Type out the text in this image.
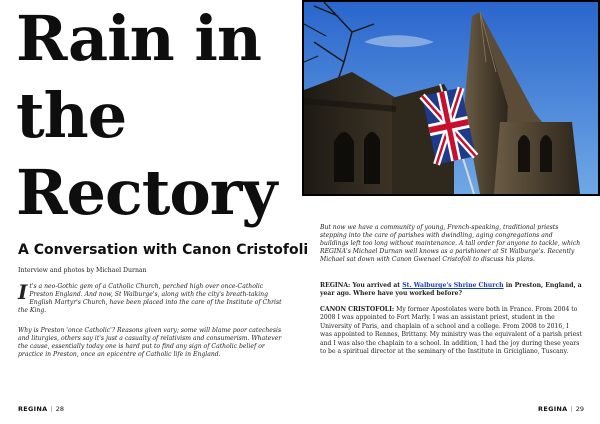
Rain in the Rectory
A Conversation with Canon Cristofoli

Interview and photos by Michael Durnan

It's a neo-Gothic gem of a Catholic Church, perched high over once-Catholic Preston England. And now, St Walburge's, along with the city's breath-taking English Martyr's Church, have been placed into the care of the Institute of Christ the King.

Why is Preston 'once Catholic'? Reasons given vary; some will blame poor catechesis and liturgies, others say it's just a casualty of relativism and consumerism. Whatever the cause, essentially today one is hard put to find any sign of Catholic belief or practice in Preston, once an epicentre of Catholic life in England.

REGINA | 28

But now we have a community of young, French-speaking, traditional priests stepping into the care of parishes with dwindling, aging congregations and buildings left too long without maintenance. A tall order for anyone to tackle, which REGINA's Michael Durnan well knows as a parishioner at St Walburge's. Recently Michael sat down with Canon Gwenael Cristofoli to discuss his plans.

REGINA: You arrived at St. Walburge's Shrine Church in Preston, England, a year ago. Where have you worked before?

CANON CRISTOFOLI: My former Apostolates were both in France. From 2004 to 2008 I was appointed to Fort Marly. I was an assistant priest, student in the University of Paris, and chaplain of a school and a college. From 2008 to 2016, I was appointed to Rennes, Brittany. My ministry was the equivalent of a parish priest and I was also the chaplain to a school. In addition, I had the joy during these years to be a spiritual director at the seminary of the Institute in Gricigliano, Tuscany.

REGINA | 29
